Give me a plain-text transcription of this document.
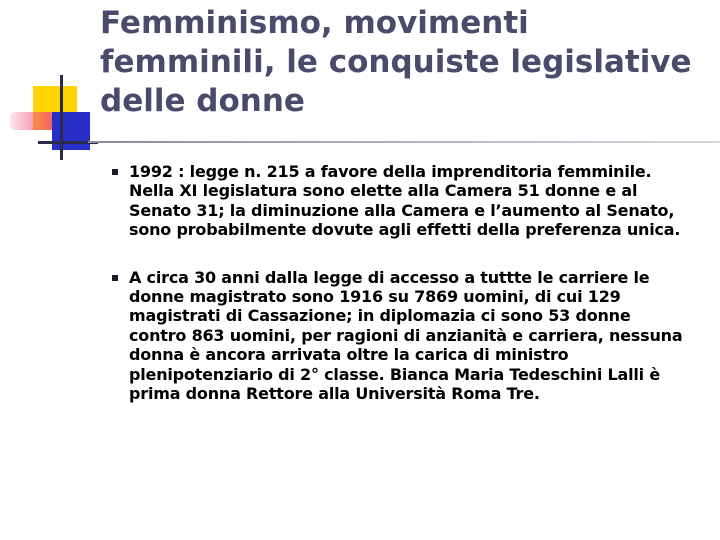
Femminismo, movimenti femminili, le conquiste legislative delle donne
1992 : legge n. 215 a favore della imprenditoria femminile. Nella XI legislatura sono elette alla Camera 51 donne e al Senato 31; la diminuzione alla Camera e l’aumento al Senato, sono probabilmente dovute agli effetti della preferenza unica.
A circa 30 anni dalla legge di accesso a tuttte le carriere le donne magistrato sono 1916 su 7869 uomini, di cui 129 magistrati di Cassazione; in diplomazia ci sono 53 donne contro 863 uomini, per ragioni di anzianità e carriera, nessuna donna è ancora arrivata oltre la carica di ministro plenipotenziario di 2° classe. Bianca Maria Tedeschini Lalli è prima donna Rettore alla Università Roma Tre.
